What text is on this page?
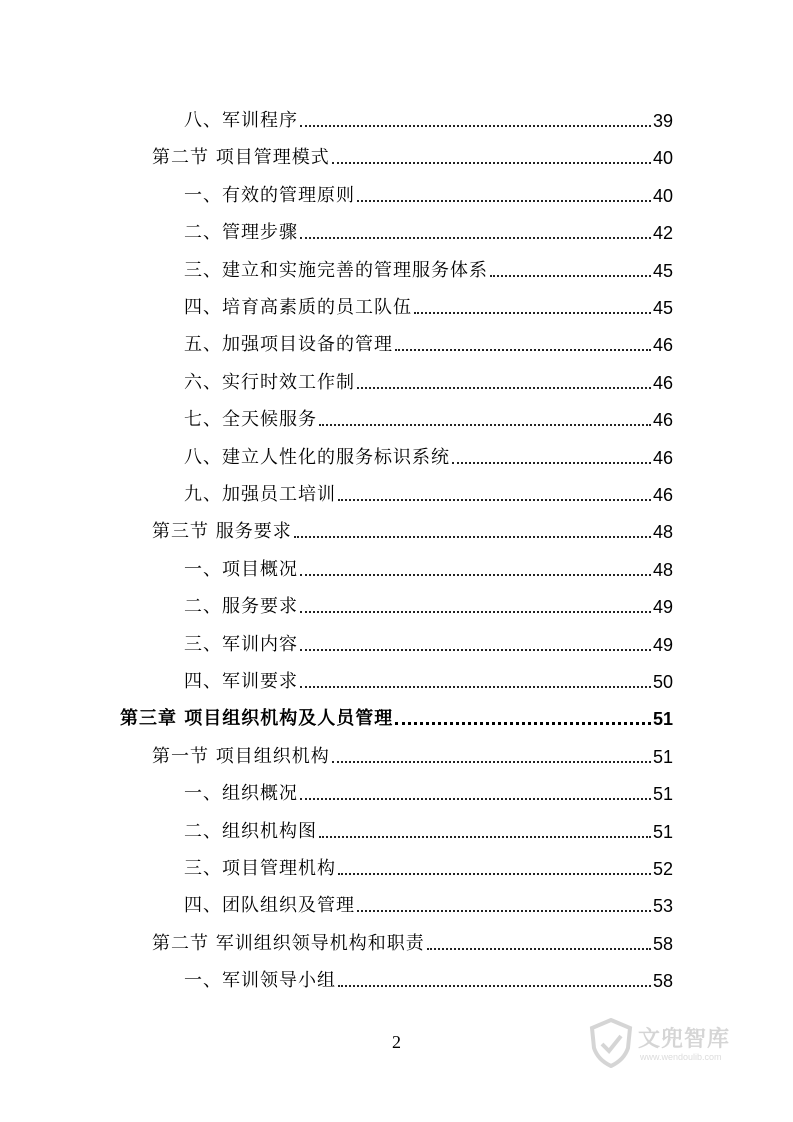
八、军训程序	39
第二节 项目管理模式	40
一、有效的管理原则	40
二、管理步骤	42
三、建立和实施完善的管理服务体系	45
四、培育高素质的员工队伍	45
五、加强项目设备的管理	46
六、实行时效工作制	46
七、全天候服务	46
八、建立人性化的服务标识系统	46
九、加强员工培训	46
第三节 服务要求	48
一、项目概况	48
二、服务要求	49
三、军训内容	49
四、军训要求	50
第三章 项目组织机构及人员管理	51
第一节 项目组织机构	51
一、组织概况	51
二、组织机构图	51
三、项目管理机构	52
四、团队组织及管理	53
第二节 军训组织领导机构和职责	58
一、军训领导小组	58
2	文兜智库
www.wendoulib.com
